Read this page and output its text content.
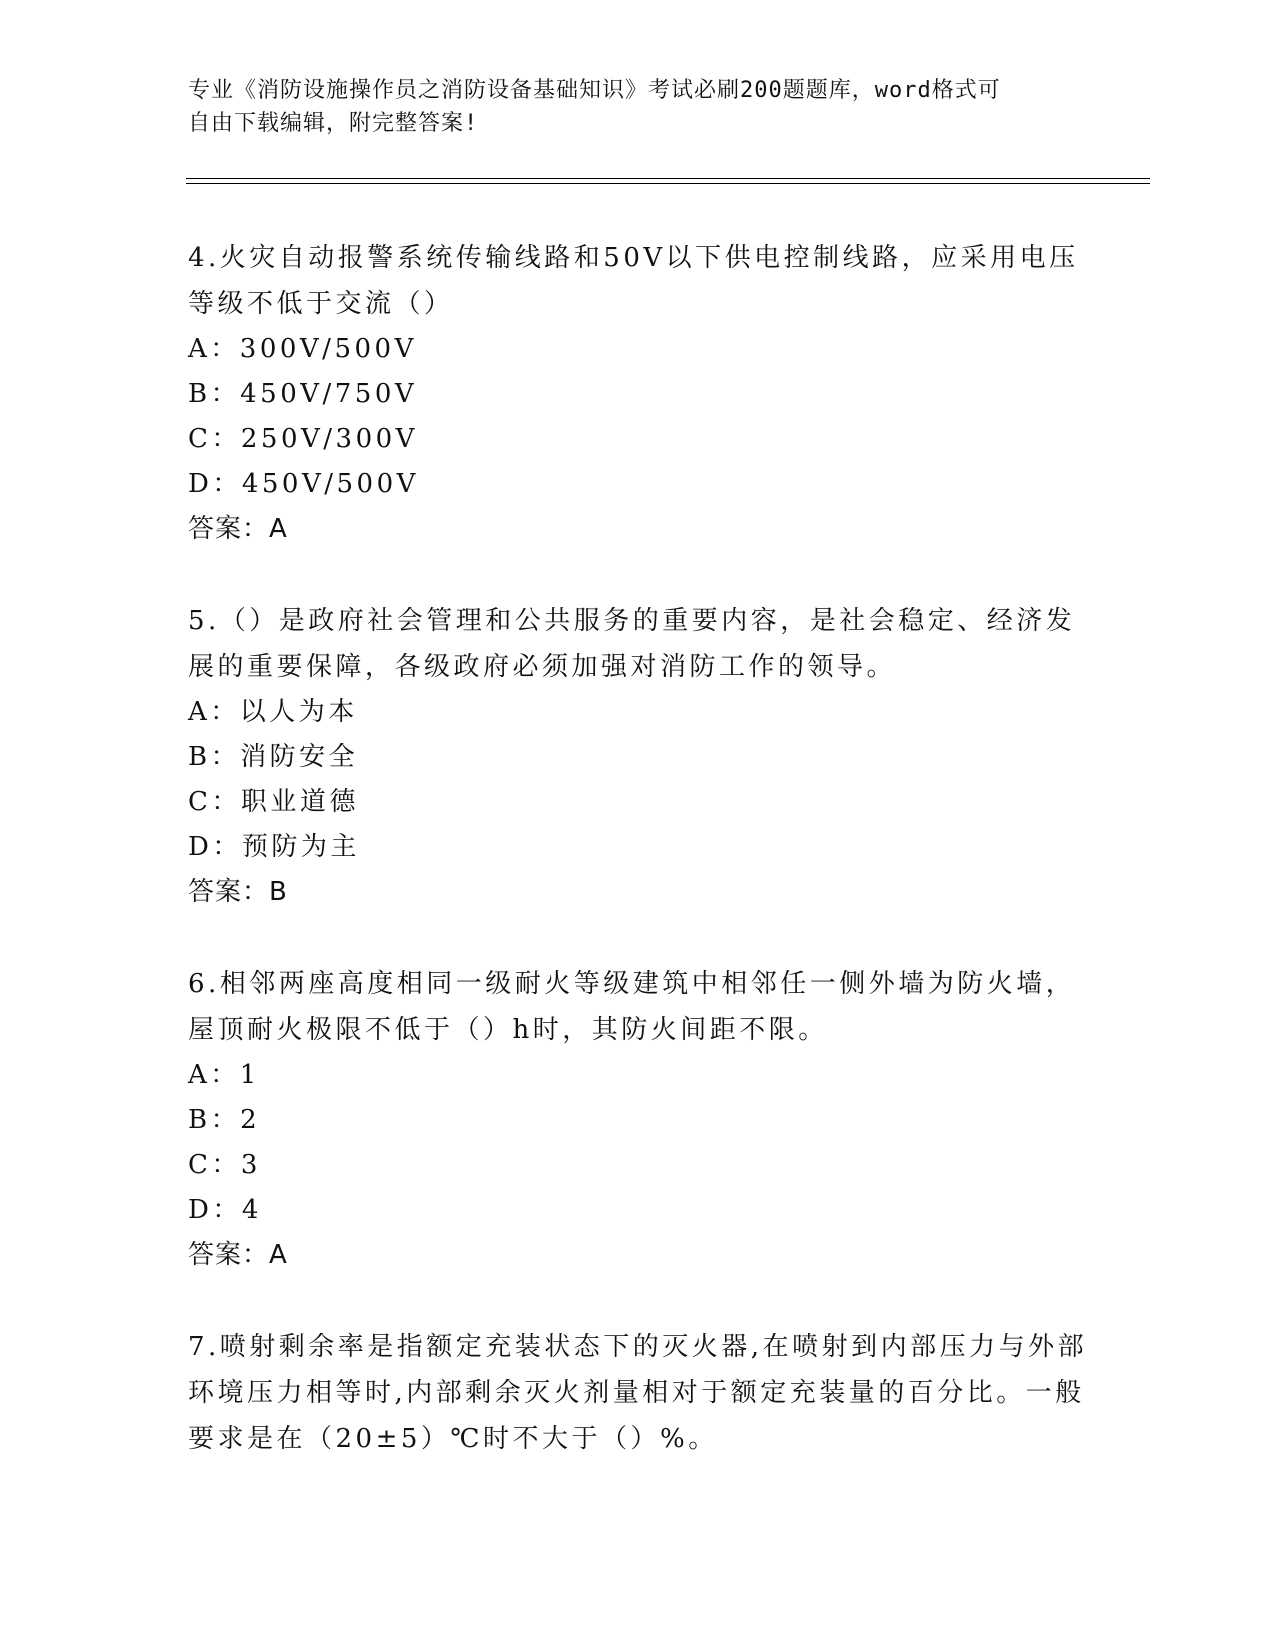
专业《消防设施操作员之消防设备基础知识》考试必刷200题题库，word格式可
自由下载编辑，附完整答案!

4.火灾自动报警系统传输线路和50V以下供电控制线路，应采用电压

等级不低于交流（）

A：300V/500V

B：450V/750V

C：250V/300V

D：450V/500V

答案：A

5.（）是政府社会管理和公共服务的重要内容，是社会稳定、经济发

展的重要保障，各级政府必须加强对消防工作的领导。

A：以人为本

B：消防安全

C：职业道德

D：预防为主

答案：B

6.相邻两座高度相同一级耐火等级建筑中相邻任一侧外墙为防火墙，

屋顶耐火极限不低于（）h时，其防火间距不限。

A：1

B：2

C：3

D：4

答案：A

7.喷射剩余率是指额定充装状态下的灭火器,在喷射到内部压力与外部

环境压力相等时,内部剩余灭火剂量相对于额定充装量的百分比。一般

要求是在（20±5）℃时不大于（）%。
